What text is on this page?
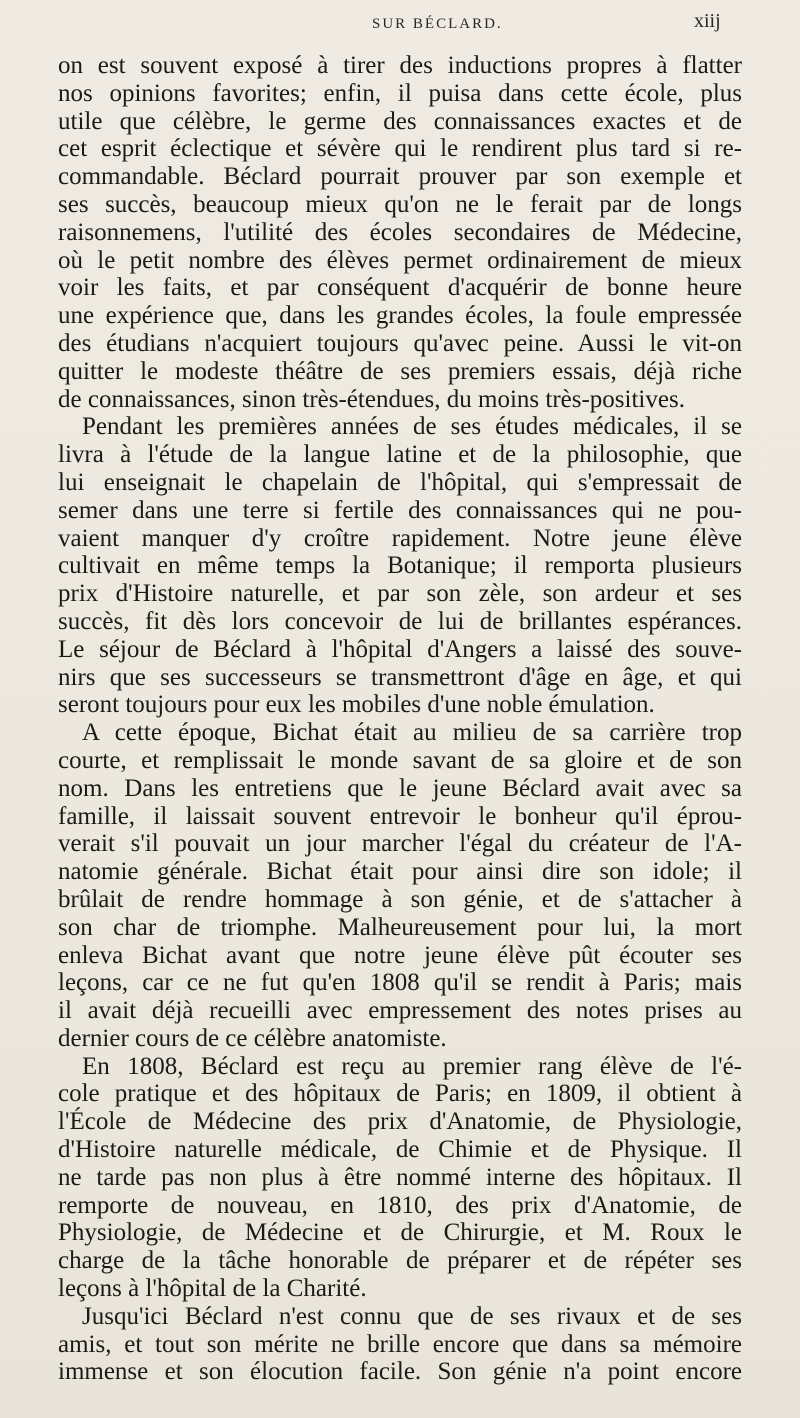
SUR BÉCLARD.	xiij
on est souvent exposé à tirer des inductions propres à flatter
nos opinions favorites; enfin, il puisa dans cette école, plus
utile que célèbre, le germe des connaissances exactes et de
cet esprit éclectique et sévère qui le rendirent plus tard si re-
commandable. Béclard pourrait prouver par son exemple et
ses succès, beaucoup mieux qu'on ne le ferait par de longs
raisonnemens, l'utilité des écoles secondaires de Médecine,
où le petit nombre des élèves permet ordinairement de mieux
voir les faits, et par conséquent d'acquérir de bonne heure
une expérience que, dans les grandes écoles, la foule empressée
des étudians n'acquiert toujours qu'avec peine. Aussi le vit-on
quitter le modeste théâtre de ses premiers essais, déjà riche
de connaissances, sinon très-étendues, du moins très-positives.
Pendant les premières années de ses études médicales, il se
livra à l'étude de la langue latine et de la philosophie, que
lui enseignait le chapelain de l'hôpital, qui s'empressait de
semer dans une terre si fertile des connaissances qui ne pou-
vaient manquer d'y croître rapidement. Notre jeune élève
cultivait en même temps la Botanique; il remporta plusieurs
prix d'Histoire naturelle, et par son zèle, son ardeur et ses
succès, fit dès lors concevoir de lui de brillantes espérances.
Le séjour de Béclard à l'hôpital d'Angers a laissé des souve-
nirs que ses successeurs se transmettront d'âge en âge, et qui
seront toujours pour eux les mobiles d'une noble émulation.
A cette époque, Bichat était au milieu de sa carrière trop
courte, et remplissait le monde savant de sa gloire et de son
nom. Dans les entretiens que le jeune Béclard avait avec sa
famille, il laissait souvent entrevoir le bonheur qu'il éprou-
verait s'il pouvait un jour marcher l'égal du créateur de l'A-
natomie générale. Bichat était pour ainsi dire son idole; il
brûlait de rendre hommage à son génie, et de s'attacher à
son char de triomphe. Malheureusement pour lui, la mort
enleva Bichat avant que notre jeune élève pût écouter ses
leçons, car ce ne fut qu'en 1808 qu'il se rendit à Paris; mais
il avait déjà recueilli avec empressement des notes prises au
dernier cours de ce célèbre anatomiste.
En 1808, Béclard est reçu au premier rang élève de l'é-
cole pratique et des hôpitaux de Paris; en 1809, il obtient à
l'École de Médecine des prix d'Anatomie, de Physiologie,
d'Histoire naturelle médicale, de Chimie et de Physique. Il
ne tarde pas non plus à être nommé interne des hôpitaux. Il
remporte de nouveau, en 1810, des prix d'Anatomie, de
Physiologie, de Médecine et de Chirurgie, et M. Roux le
charge de la tâche honorable de préparer et de répéter ses
leçons à l'hôpital de la Charité.
Jusqu'ici Béclard n'est connu que de ses rivaux et de ses
amis, et tout son mérite ne brille encore que dans sa mémoire
immense et son élocution facile. Son génie n'a point encore
